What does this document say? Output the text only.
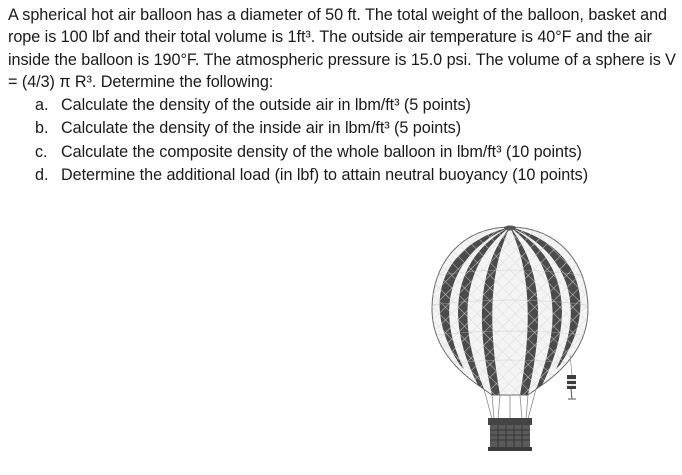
A spherical hot air balloon has a diameter of 50 ft. The total weight of the balloon, basket and rope is 100 lbf and their total volume is 1ft³. The outside air temperature is 40°F and the air inside the balloon is 190°F. The atmospheric pressure is 15.0 psi. The volume of a sphere is V = (4/3) π R³. Determine the following:

a. Calculate the density of the outside air in lbm/ft³ (5 points)
b. Calculate the density of the inside air in lbm/ft³ (5 points)
c. Calculate the composite density of the whole balloon in lbm/ft³ (10 points)
d. Determine the additional load (in lbf) to attain neutral buoyancy (10 points)
